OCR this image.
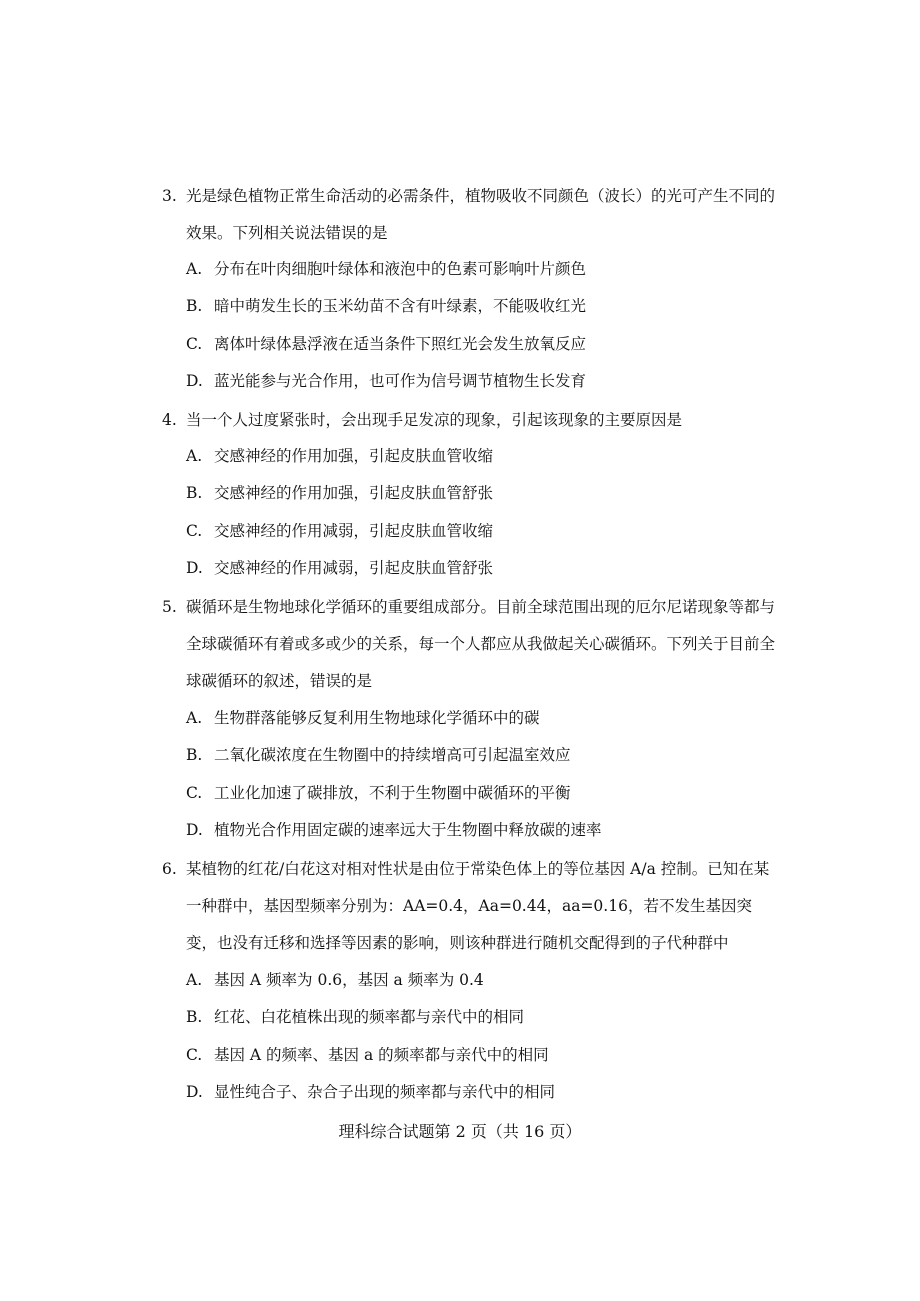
3. 光是绿色植物正常生命活动的必需条件，植物吸收不同颜色（波长）的光可产生不同的效果。下列相关说法错误的是
A. 分布在叶肉细胞叶绿体和液泡中的色素可影响叶片颜色
B. 暗中萌发生长的玉米幼苗不含有叶绿素，不能吸收红光
C. 离体叶绿体悬浮液在适当条件下照红光会发生放氧反应
D. 蓝光能参与光合作用，也可作为信号调节植物生长发育
4. 当一个人过度紧张时，会出现手足发凉的现象，引起该现象的主要原因是
A. 交感神经的作用加强，引起皮肤血管收缩
B. 交感神经的作用加强，引起皮肤血管舒张
C. 交感神经的作用减弱，引起皮肤血管收缩
D. 交感神经的作用减弱，引起皮肤血管舒张
5. 碳循环是生物地球化学循环的重要组成部分。目前全球范围出现的厄尔尼诺现象等都与全球碳循环有着或多或少的关系，每一个人都应从我做起关心碳循环。下列关于目前全球碳循环的叙述，错误的是
A. 生物群落能够反复利用生物地球化学循环中的碳
B. 二氧化碳浓度在生物圈中的持续增高可引起温室效应
C. 工业化加速了碳排放，不利于生物圈中碳循环的平衡
D. 植物光合作用固定碳的速率远大于生物圈中释放碳的速率
6. 某植物的红花/白花这对相对性状是由位于常染色体上的等位基因 A/a 控制。已知在某一种群中，基因型频率分别为：AA=0.4，Aa=0.44，aa=0.16，若不发生基因突变，也没有迁移和选择等因素的影响，则该种群进行随机交配得到的子代种群中
A. 基因 A 频率为 0.6，基因 a 频率为 0.4
B. 红花、白花植株出现的频率都与亲代中的相同
C. 基因 A 的频率、基因 a 的频率都与亲代中的相同
D. 显性纯合子、杂合子出现的频率都与亲代中的相同
理科综合试题第 2 页（共 16 页）
